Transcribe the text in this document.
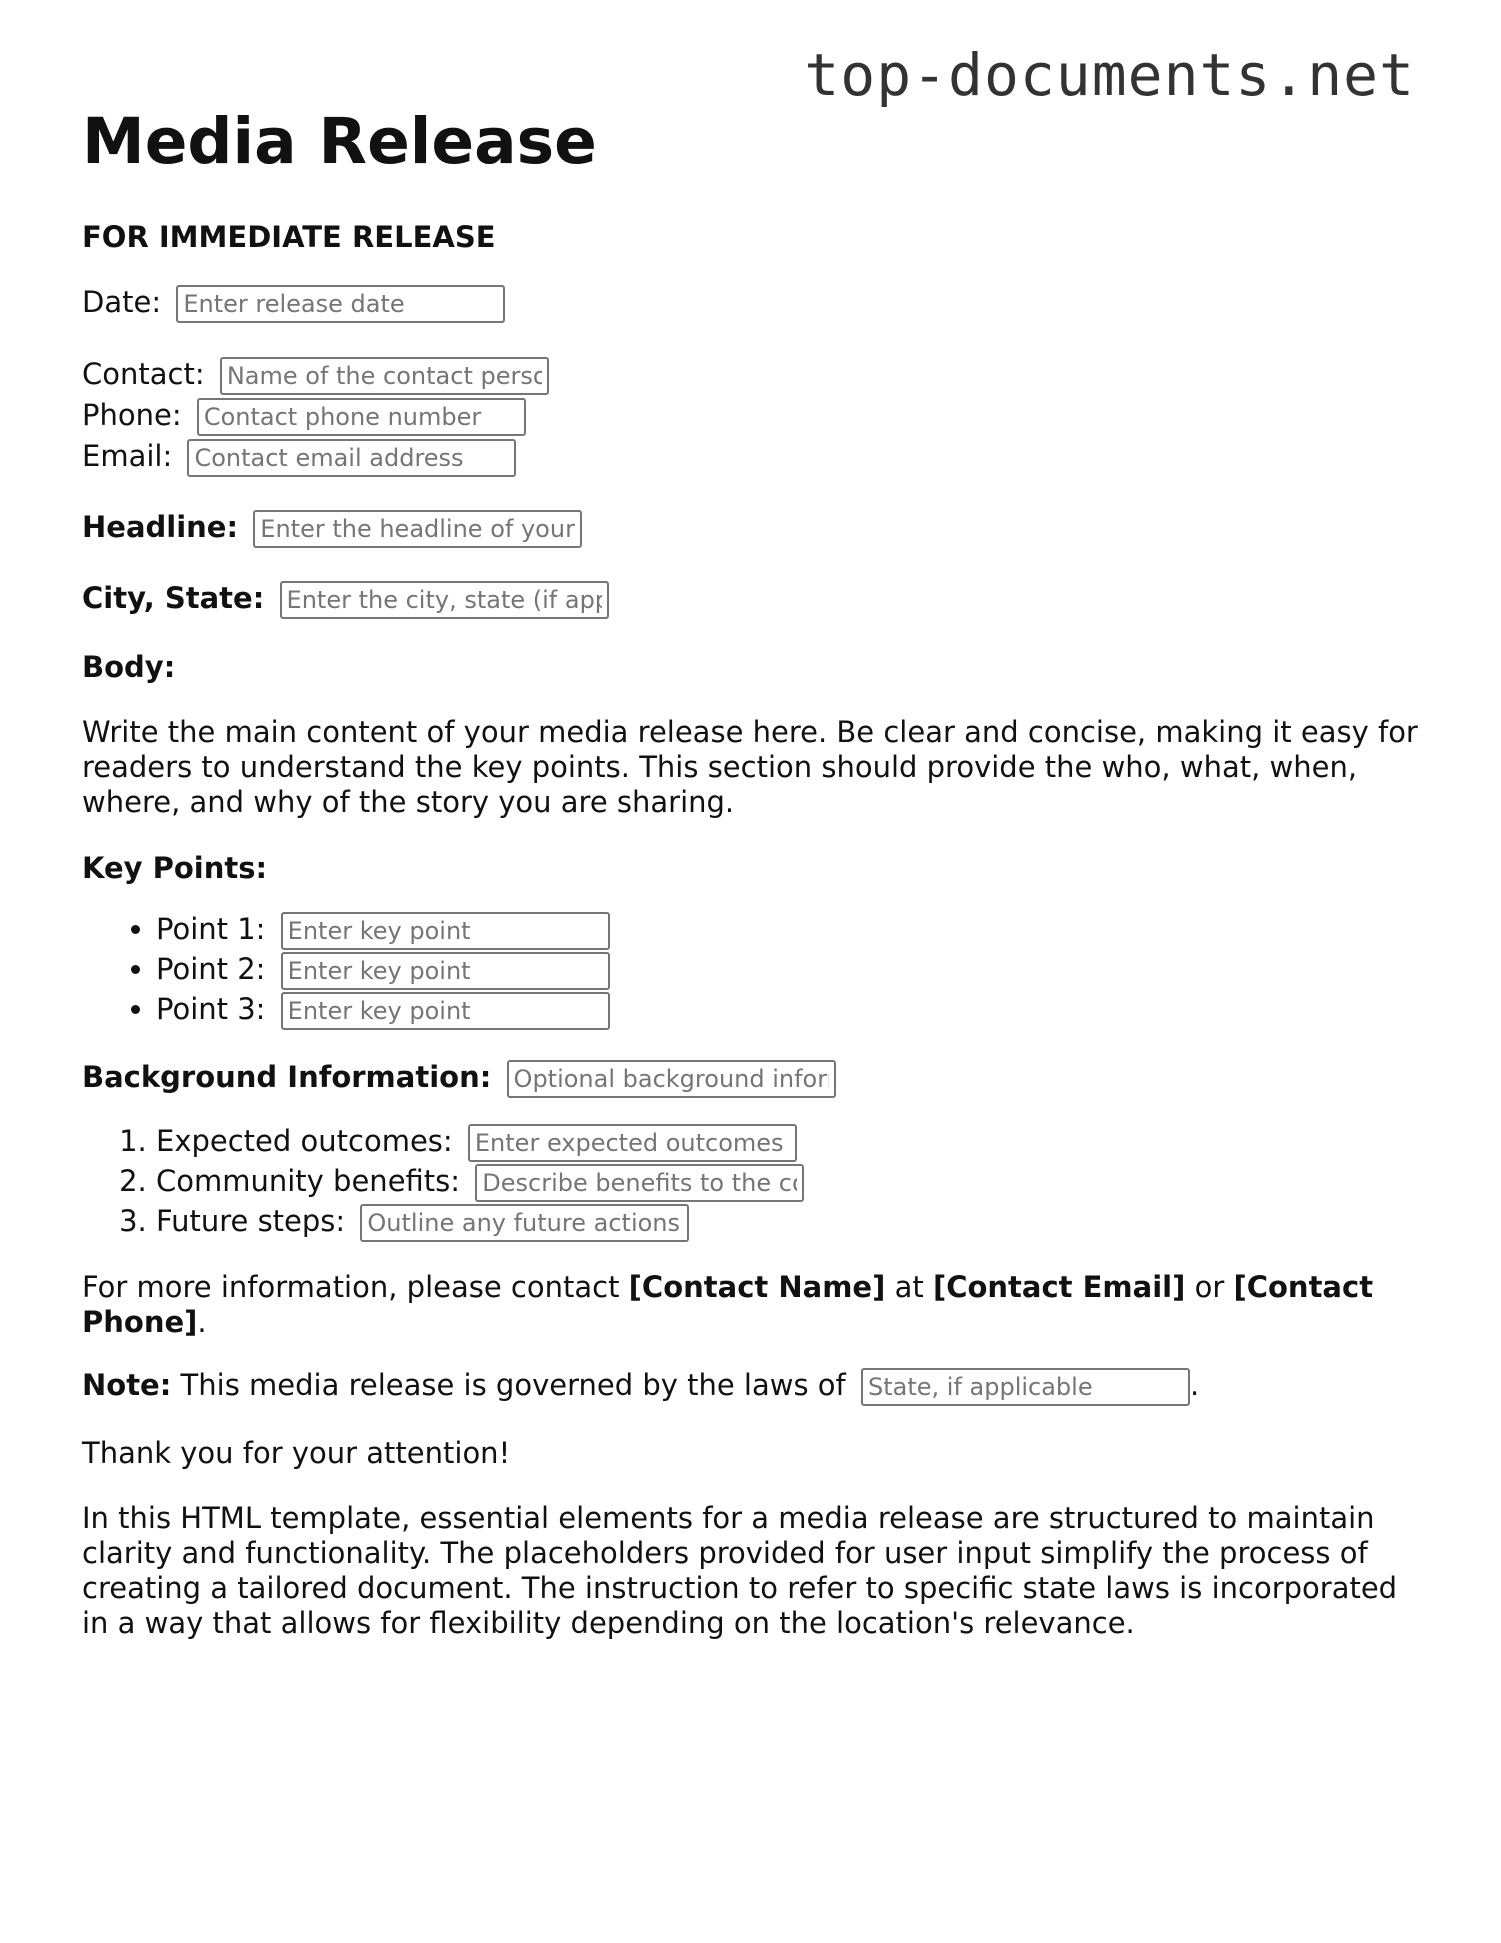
top-documents.net
Media Release
FOR IMMEDIATE RELEASE
Date: Enter release date
Contact: Name of the contact person
Phone: Contact phone number
Email: Contact email address
Headline: Enter the headline of your media release
City, State: Enter the city, state (if applicable)
Body:
Write the main content of your media release here. Be clear and concise, making it easy for readers to understand the key points. This section should provide the who, what, when, where, and why of the story you are sharing.
Key Points:
• Point 1: Enter key point
• Point 2: Enter key point
• Point 3: Enter key point
Background Information: Optional background information
1. Expected outcomes: Enter expected outcomes of the event
2. Community benefits: Describe benefits to the community
3. Future steps: Outline any future actions
For more information, please contact [Contact Name] at [Contact Email] or [Contact Phone].
Note: This media release is governed by the laws of State, if applicable	.
Thank you for your attention!
In this HTML template, essential elements for a media release are structured to maintain clarity and functionality. The placeholders provided for user input simplify the process of creating a tailored document. The instruction to refer to specific state laws is incorporated in a way that allows for flexibility depending on the location's relevance.
